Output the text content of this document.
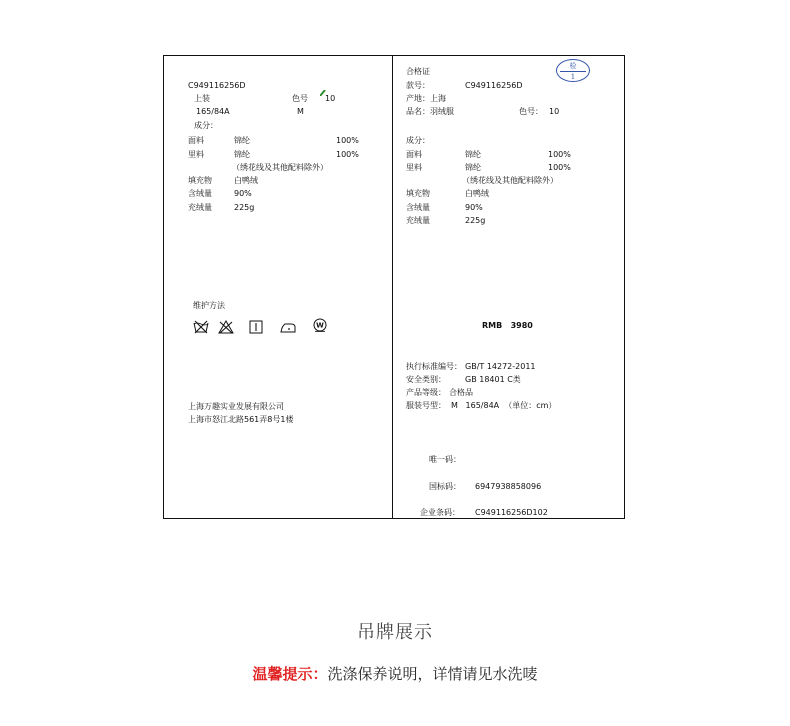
C949116256D
上装	色号 10
165/84A	M
成分：
面料	锦纶	100%
里料	锦纶	100%
（绣花线及其他配料除外）
填充物	白鸭绒
含绒量	90%
充绒量	225g
维护方法
W
上海万趣实业发展有限公司
上海市怒江北路561弄8号1楼
合格证
检
1
款号：	C949116256D
产地：上海
品名：羽绒服	色号： 10
成分：
面料	锦纶	100%
里料	锦纶	100%
（绣花线及其他配料除外）
填充物	白鸭绒
含绒量	90%
充绒量	225g
RMB   3980
执行标准编号： GB/T 14272-2011
安全类别： GB 18401 C类
产品等级： 合格品
服装号型： M   165/84A  （单位：cm）
唯一码：
国标码： 6947938858096
企业条码： C949116256D102
吊牌展示
温馨提示：洗涤保养说明，详情请见水洗唛
